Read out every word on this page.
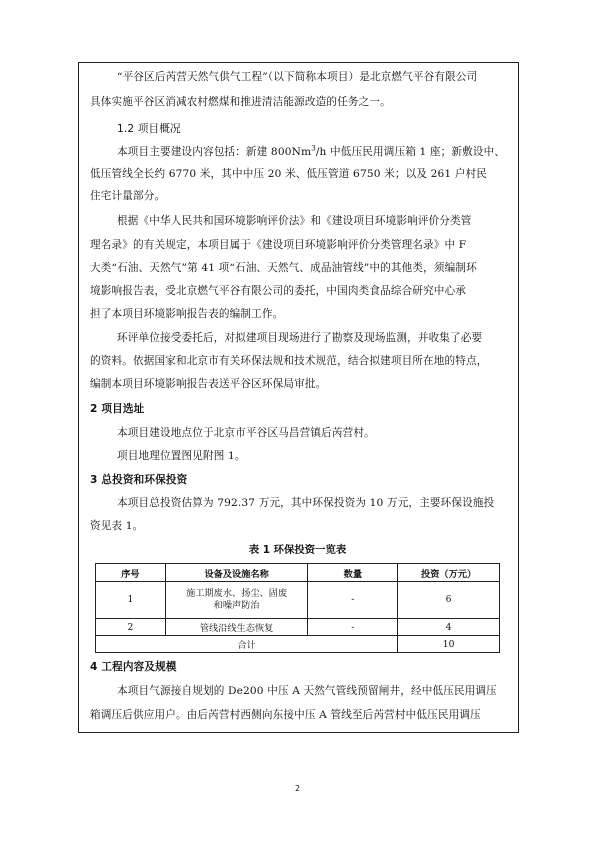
“平谷区后芮营天然气供气工程”（以下简称本项目）是北京燃气平谷有限公司
具体实施平谷区消减农村燃煤和推进清洁能源改造的任务之一。
1.2 项目概况
本项目主要建设内容包括：新建 800Nm$^3$/h 中低压民用调压箱 1 座；新敷设中、
低压管线全长约 6770 米，其中中压 20 米、低压管道 6750 米；以及 261 户村民
住宅计量部分。
根据《中华人民共和国环境影响评价法》和《建设项目环境影响评价分类管
理名录》的有关规定，本项目属于《建设项目环境影响评价分类管理名录》中 F
大类“石油、天然气”第 41 项“石油、天然气、成品油管线”中的其他类，须编制环
境影响报告表，受北京燃气平谷有限公司的委托，中国肉类食品综合研究中心承
担了本项目环境影响报告表的编制工作。
环评单位接受委托后，对拟建项目现场进行了勘察及现场监测，并收集了必要
的资料。依据国家和北京市有关环保法规和技术规范，结合拟建项目所在地的特点，
编制本项目环境影响报告表送平谷区环保局审批。
2 项目选址
本项目建设地点位于北京市平谷区马昌营镇后芮营村。
项目地理位置图见附图 1。
3 总投资和环保投资
本项目总投资估算为 792.37 万元，其中环保投资为 10 万元，主要环保设施投
资见表 1。
表 1 环保投资一览表
序号	设备及设施名称	数量	投资（万元）
1	施工期废水、扬尘、固废
和噪声防治	-	6
2	管线沿线生态恢复	-	4
合计			10
4 工程内容及规模
本项目气源接自规划的 De200 中压 A 天然气管线预留闸井，经中低压民用调压
箱调压后供应用户。由后芮营村西侧向东接中压 A 管线至后芮营村中低压民用调压
2
